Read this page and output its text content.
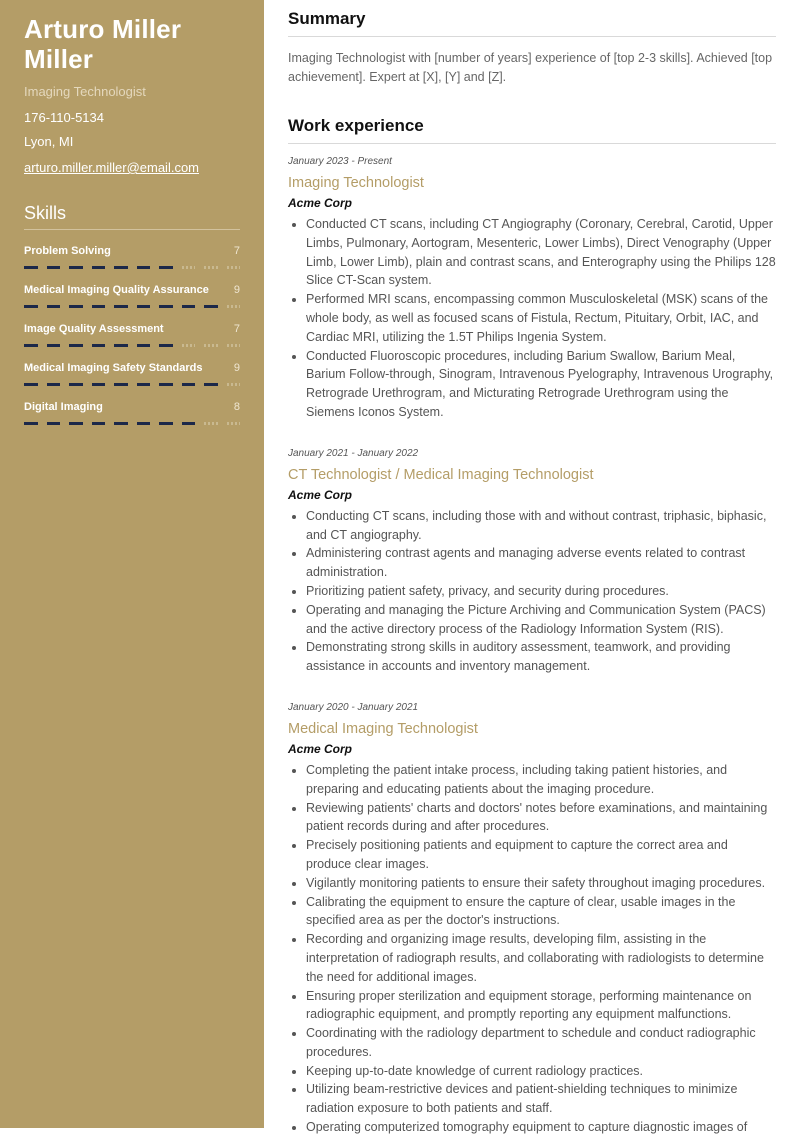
Arturo Miller Miller
Imaging Technologist
176-110-5134
Lyon, MI
arturo.miller.miller@email.com
Skills
Problem Solving	7
Medical Imaging Quality Assurance 9
Image Quality Assessment	7
Medical Imaging Safety Standards	9
Digital Imaging	8
Summary
Imaging Technologist with [number of years] experience of [top 2-3 skills]. Achieved [top achievement]. Expert at [X], [Y] and [Z].
Work experience
January 2023 - Present
Imaging Technologist
Acme Corp
• Conducted CT scans, including CT Angiography (Coronary, Cerebral, Carotid, Upper Limbs, Pulmonary, Aortogram, Mesenteric, Lower Limbs), Direct Venography (Upper Limb, Lower Limb), plain and contrast scans, and Enterography using the Philips 128 Slice CT-Scan system.
• Performed MRI scans, encompassing common Musculoskeletal (MSK) scans of the whole body, as well as focused scans of Fistula, Rectum, Pituitary, Orbit, IAC, and Cardiac MRI, utilizing the 1.5T Philips Ingenia System.
• Conducted Fluoroscopic procedures, including Barium Swallow, Barium Meal, Barium Follow-through, Sinogram, Intravenous Pyelography, Intravenous Urography, Retrograde Urethrogram, and Micturating Retrograde Urethrogram using the Siemens Iconos System.
January 2021 - January 2022
CT Technologist / Medical Imaging Technologist
Acme Corp
• Conducting CT scans, including those with and without contrast, triphasic, biphasic, and CT angiography.
• Administering contrast agents and managing adverse events related to contrast administration.
• Prioritizing patient safety, privacy, and security during procedures.
• Operating and managing the Picture Archiving and Communication System (PACS) and the active directory process of the Radiology Information System (RIS).
• Demonstrating strong skills in auditory assessment, teamwork, and providing assistance in accounts and inventory management.
January 2020 - January 2021
Medical Imaging Technologist
Acme Corp
• Completing the patient intake process, including taking patient histories, and preparing and educating patients about the imaging procedure.
• Reviewing patients' charts and doctors' notes before examinations, and maintaining patient records during and after procedures.
• Precisely positioning patients and equipment to capture the correct area and produce clear images.
• Vigilantly monitoring patients to ensure their safety throughout imaging procedures.
• Calibrating the equipment to ensure the capture of clear, usable images in the specified area as per the doctor's instructions.
• Recording and organizing image results, developing film, assisting in the interpretation of radiograph results, and collaborating with radiologists to determine the need for additional images.
• Ensuring proper sterilization and equipment storage, performing maintenance on radiographic equipment, and promptly reporting any equipment malfunctions.
• Coordinating with the radiology department to schedule and conduct radiographic procedures.
• Keeping up-to-date knowledge of current radiology practices.
• Utilizing beam-restrictive devices and patient-shielding techniques to minimize radiation exposure to both patients and staff.
• Operating computerized tomography equipment to capture diagnostic images of
